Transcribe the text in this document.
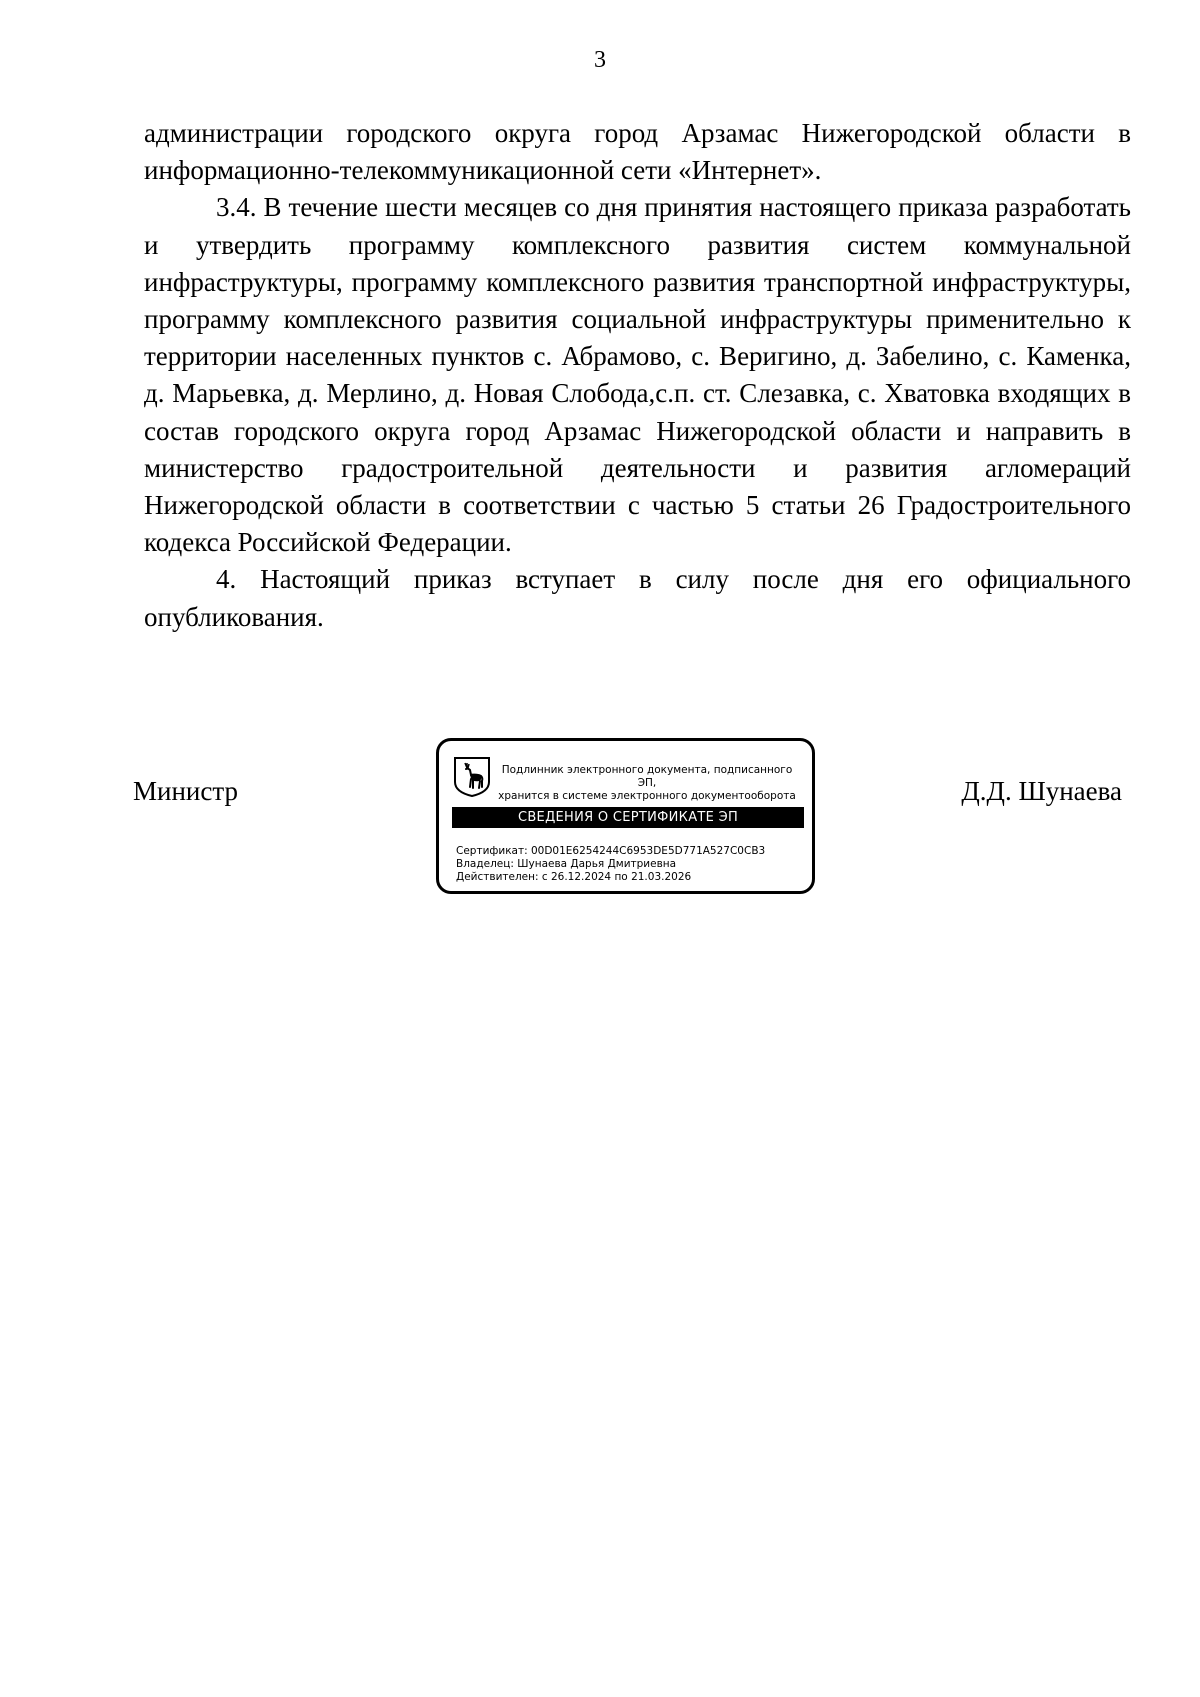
3

администрации городского округа город Арзамас Нижегородской области в информационно-телекоммуникационной сети «Интернет».

3.4. В течение шести месяцев со дня принятия настоящего приказа разработать и утвердить программу комплексного развития систем коммунальной инфраструктуры, программу комплексного развития транспортной инфраструктуры, программу комплексного развития социальной инфраструктуры применительно к территории населенных пунктов с. Абрамово, с. Веригино, д. Забелино, с. Каменка, д. Марьевка, д. Мерлино, д. Новая Слобода,с.п. ст. Слезавка, с. Хватовка входящих в состав городского округа город Арзамас Нижегородской области и направить в министерство градостроительной деятельности и развития агломераций Нижегородской области в соответствии с частью 5 статьи 26 Градостроительного кодекса Российской Федерации.

4. Настоящий приказ вступает в силу после дня его официального опубликования.

Министр	Д.Д. Шунаева
Подлинник электронного документа, подписанного ЭП,
хранится в системе электронного документооборота
СВЕДЕНИЯ О СЕРТИФИКАТЕ ЭП
Сертификат: 00D01E6254244C6953DE5D771A527C0CB3
Владелец: Шунаева Дарья Дмитриевна
Действителен: с 26.12.2024 по 21.03.2026
